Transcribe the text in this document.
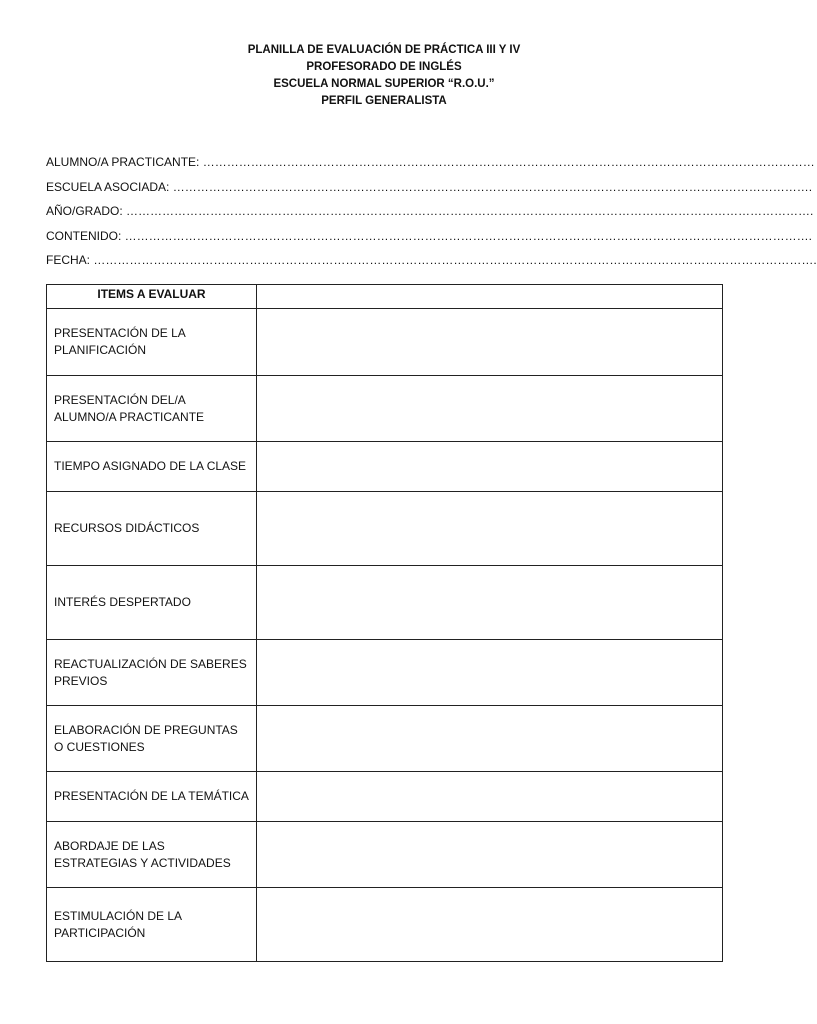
PLANILLA DE EVALUACIÓN DE PRÁCTICA III Y IV

PROFESORADO DE INGLÉS

ESCUELA NORMAL SUPERIOR “R.O.U.”

PERFIL GENERALISTA

ALUMNO/A PRACTICANTE: ………………………………………………………………………………………………………………………………………
ESCUELA ASOCIADA: …………………………………………………………………………………………………………………………………………….
AÑO/GRADO: ……………………………………………………………………………………………………………………………………………………….
CONTENIDO: ……………………………………………………………………………………………………………………………………………………….
FECHA: ……………………………………………………………………………………………………………………………………………………………….
ITEMS A EVALUAR	
PRESENTACIÓN DE LA PLANIFICACIÓN	
PRESENTACIÓN DEL/A ALUMNO/A PRACTICANTE	
TIEMPO ASIGNADO DE LA CLASE	
RECURSOS DIDÁCTICOS	
INTERÉS DESPERTADO	
REACTUALIZACIÓN DE SABERES PREVIOS	
ELABORACIÓN DE PREGUNTAS O CUESTIONES	
PRESENTACIÓN DE LA TEMÁTICA	
ABORDAJE DE LAS ESTRATEGIAS Y ACTIVIDADES	
ESTIMULACIÓN DE LA PARTICIPACIÓN	
